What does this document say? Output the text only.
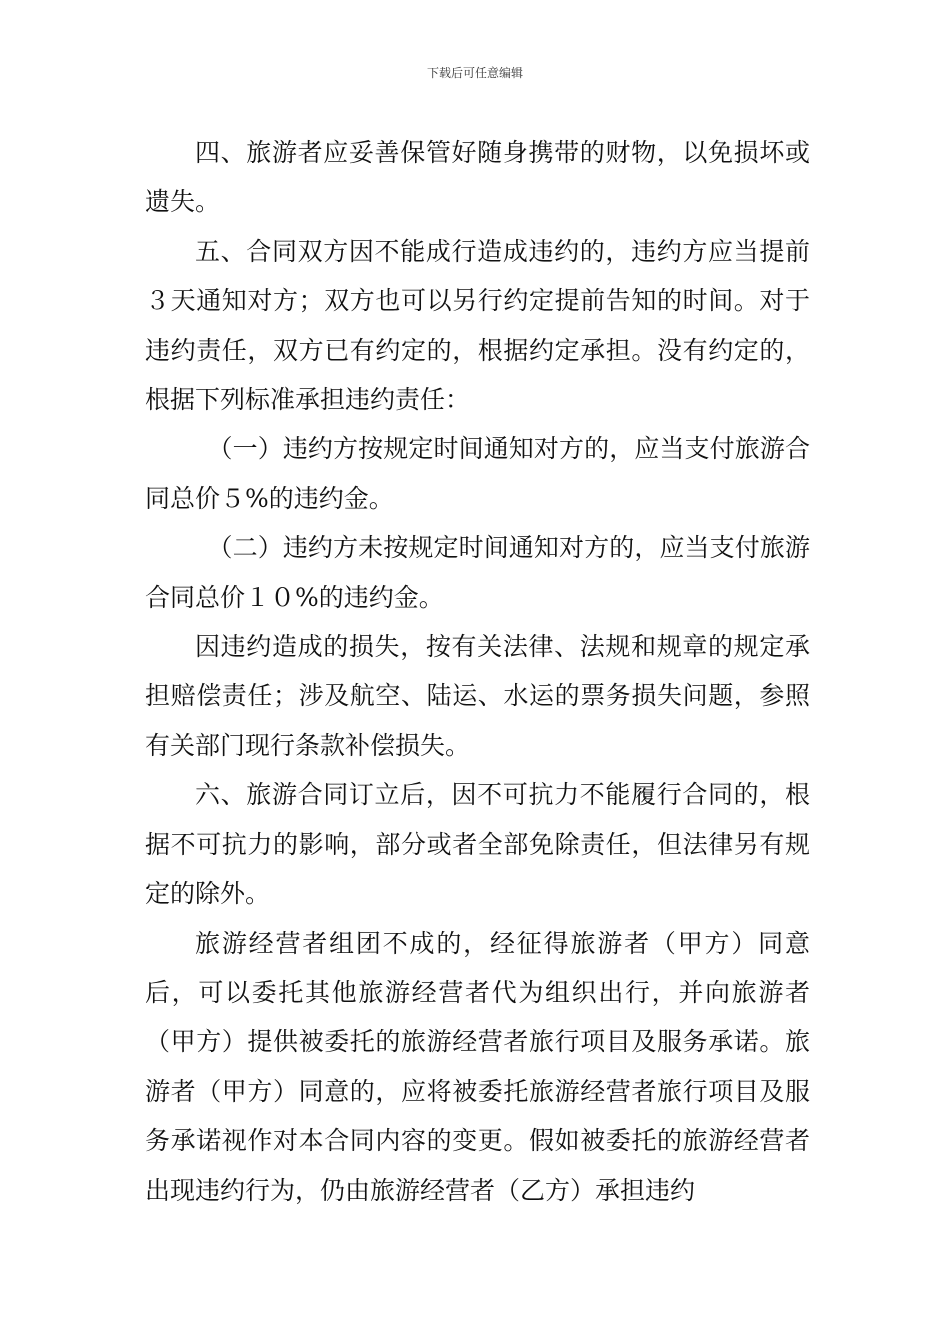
下载后可任意编辑

四、旅游者应妥善保管好随身携带的财物，以免损坏或遗失。

五、合同双方因不能成行造成违约的，违约方应当提前３天通知对方；双方也可以另行约定提前告知的时间。对于违约责任，双方已有约定的，根据约定承担。没有约定的，根据下列标准承担违约责任：

（一）违约方按规定时间通知对方的，应当支付旅游合同总价５%的违约金。

（二）违约方未按规定时间通知对方的，应当支付旅游合同总价１０%的违约金。

因违约造成的损失，按有关法律、法规和规章的规定承担赔偿责任；涉及航空、陆运、水运的票务损失问题，参照有关部门现行条款补偿损失。

六、旅游合同订立后，因不可抗力不能履行合同的，根据不可抗力的影响，部分或者全部免除责任，但法律另有规定的除外。

旅游经营者组团不成的，经征得旅游者（甲方）同意后，可以委托其他旅游经营者代为组织出行，并向旅游者（甲方）提供被委托的旅游经营者旅行项目及服务承诺。旅游者（甲方）同意的，应将被委托旅游经营者旅行项目及服务承诺视作对本合同内容的变更。假如被委托的旅游经营者出现违约行为，仍由旅游经营者（乙方）承担违约
